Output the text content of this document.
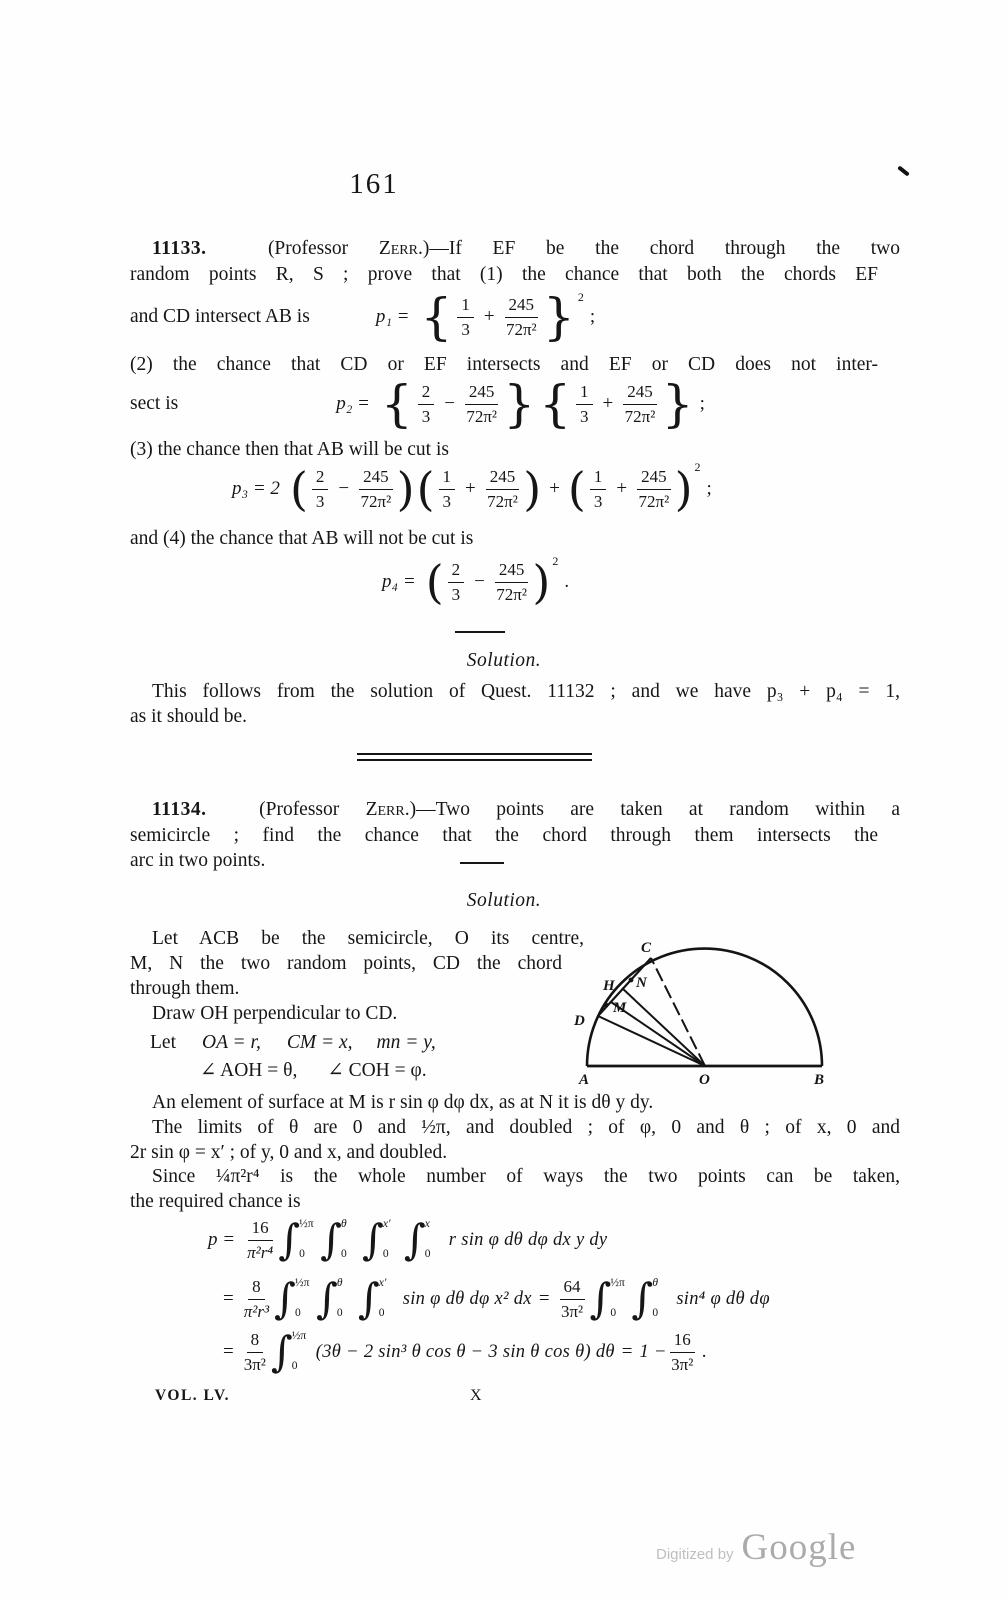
161
11133.	(Professor Zerr.)—If EF be the chord through the two
random points R, S ; prove that (1) the chance that both the chords EF
and CD intersect AB is	p₁ = { 1
3
+ $\frac{245}{\text{72π²}}$ } 2
;
(2) the chance that CD or EF intersects and EF or CD does not inter-
sect is	p₂ = { 2
3
− $\frac{245}{\text{72π²}}$ } { 1
3
+ $\frac{245}{\text{72π²}}$ } ;
(3) the chance then that AB will be cut is
p₃ = 2 ( 2
3
− $\frac{245}{\text{72π²}}$ ) ( 1
3
+ $\frac{245}{\text{72π²}}$ ) + ( 1
3
+ $\frac{245}{\text{72π²}}$ ) 2
;
and (4) the chance that AB will not be cut is
p₄ = ( 2
3
− $\frac{245}{\text{72π²}}$ ) 2
.
Solution.
This follows from the solution of Quest. 11132 ; and we have p₃ + p₄ = 1,
as it should be.
11134.	(Professor Zerr.)—Two points are taken at random within a
semicircle ; find the chance that the chord through them intersects the
arc in two points.
Solution.
C
H N
M
D
A	O	B
Let ACB be the semicircle, O its centre,
M, N the two random points, CD the chord
through them.
Draw OH perpendicular to CD.
Let OA = r, CM = x, mn = y,
∠ AOH = θ, ∠ COH = φ.
An element of surface at M is r sin φ dφ dx, as at N it is dθ y dy.
The limits of θ are 0 and ½π, and doubled ; of φ, 0 and θ ; of x, 0 and
2r sin φ = x′ ; of y, 0 and x, and doubled.
Since ¼π²r⁴ is the whole number of ways the two points can be taken,
the required chance is
$p = \frac{16}{\text{π²r⁴}}$ ∫ ½π
0 ∫ θ
0 ∫ x′
0 ∫ x
0
r sin φ dθ dφ dx y dy
= $\frac{8}{\text{π²r³}}$ ∫ ½π
0 ∫ θ
0 ∫ x′
0
sin φ dθ dφ x² dx = $\frac{64}{\text{3π²}}$ ∫ ½π
0 ∫ θ
0
sin⁴ φ dθ dφ
= $\frac{8}{\text{3π²}}$ ∫ ½π
0
(3θ − 2 sin³ θ cos θ − 3 sin θ cos θ) $d\theta = 1 - \frac{16}{\text{3π²}}$ .
VOL. LV.	X
Digitized by Google
